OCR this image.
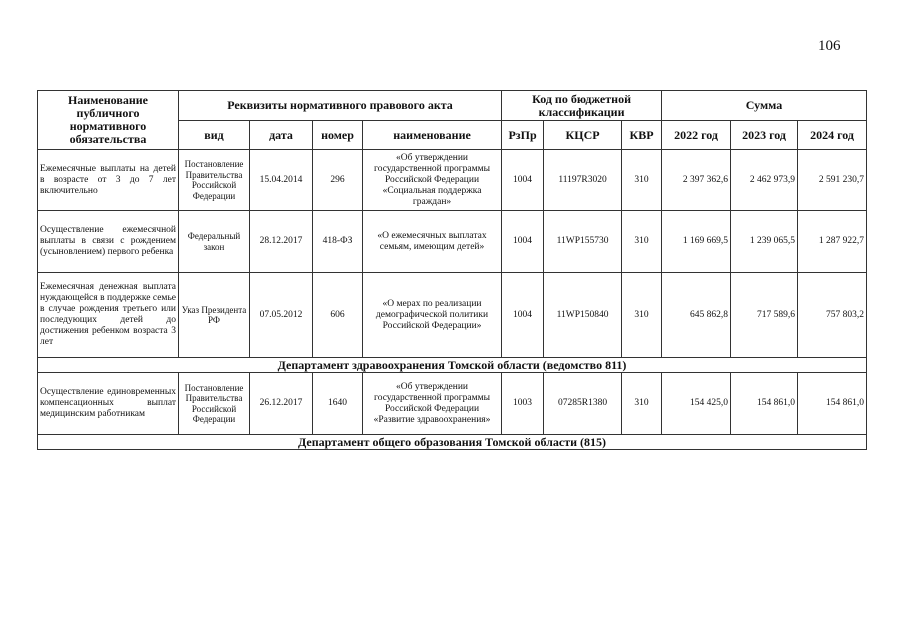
106
Наименование публичного нормативного обязательства	Реквизиты нормативного правового акта				Код по бюджетной классификации			Сумма		
	вид	дата	номер	наименование	РзПр	КЦСР	КВР	2022 год	2023 год	2024 год
Ежемесячные выплаты на детей в возрасте от 3 до 7 лет включительно	Постановление Правительства Российской Федерации	15.04.2014	296	«Об утверждении государственной программы Российской Федерации «Социальная поддержка граждан»	1004	11197R3020	310	2 397 362,6	2 462 973,9	2 591 230,7
Осуществление ежемесячной выплаты в связи с рождением (усыновлением) первого ребенка	Федеральный закон	28.12.2017	418-ФЗ	«О ежемесячных выплатах семьям, имеющим детей»	1004	11WP155730	310	1 169 669,5	1 239 065,5	1 287 922,7
Ежемесячная денежная выплата нуждающейся в поддержке семье в случае рождения третьего или последующих детей до достижения ребенком возраста 3 лет	Указ Президента РФ	07.05.2012	606	«О мерах по реализации демографической политики Российской Федерации»	1004	11WP150840	310	645 862,8	717 589,6	757 803,2
Департамент здравоохранения Томской области (ведомство 811)										
Осуществление единовременных компенсационных выплат медицинским работникам	Постановление Правительства Российской Федерации	26.12.2017	1640	«Об утверждении государственной программы Российской Федерации «Развитие здравоохранения»	1003	07285R1380	310	154 425,0	154 861,0	154 861,0
Департамент общего образования Томской области (815)										
